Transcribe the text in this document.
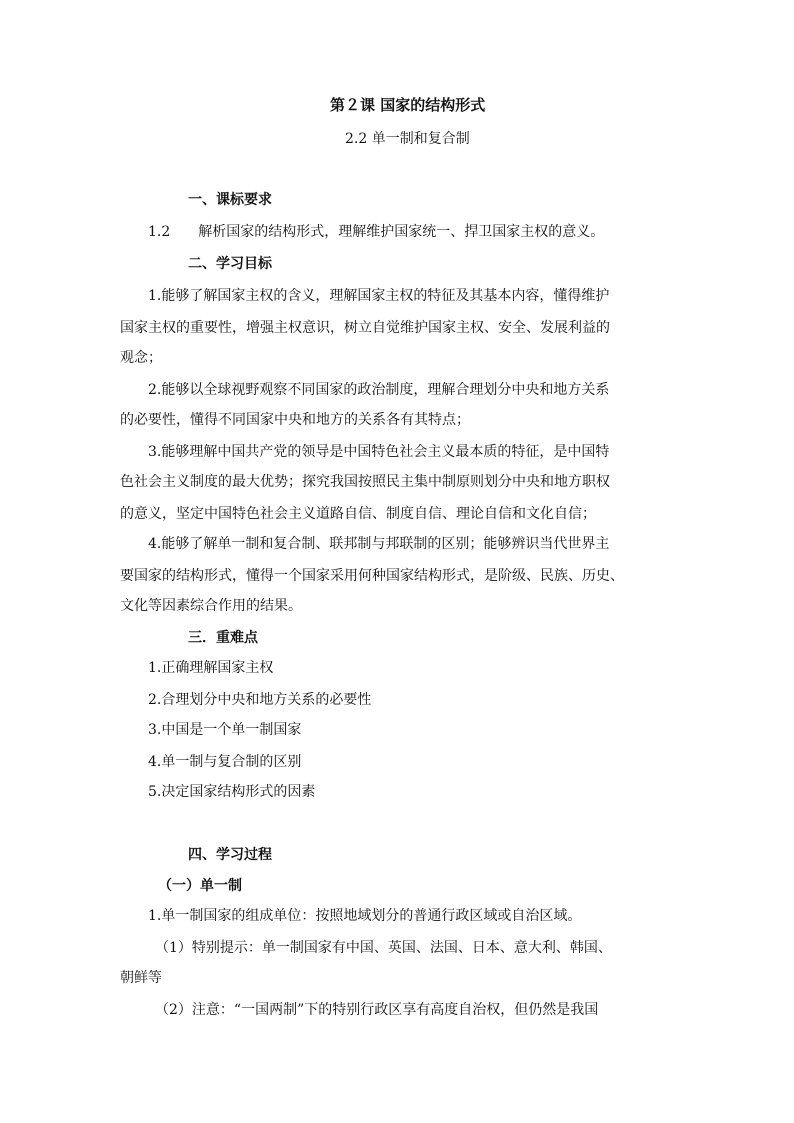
第２课 国家的结构形式
2.2 单一制和复合制
一、课标要求
1.2　　解析国家的结构形式，理解维护国家统一、捍卫国家主权的意义。
二、学习目标
1.能够了解国家主权的含义，理解国家主权的特征及其基本内容，懂得维护
国家主权的重要性，增强主权意识，树立自觉维护国家主权、安全、发展利益的
观念；
2.能够以全球视野观察不同国家的政治制度，理解合理划分中央和地方关系
的必要性，懂得不同国家中央和地方的关系各有其特点；
3.能够理解中国共产党的领导是中国特色社会主义最本质的特征，是中国特
色社会主义制度的最大优势；探究我国按照民主集中制原则划分中央和地方职权
的意义，坚定中国特色社会主义道路自信、制度自信、理论自信和文化自信；
4.能够了解单一制和复合制、联邦制与邦联制的区别；能够辨识当代世界主
要国家的结构形式，懂得一个国家采用何种国家结构形式，是阶级、民族、历史、
文化等因素综合作用的结果。
三．重难点
1.正确理解国家主权
2.合理划分中央和地方关系的必要性
3.中国是一个单一制国家
4.单一制与复合制的区别
5.决定国家结构形式的因素
四、学习过程
（一）单一制
1.单一制国家的组成单位：按照地域划分的普通行政区域或自治区域。
（1）特别提示：单一制国家有中国、英国、法国、日本、意大利、韩国、
朝鲜等
（2）注意：“一国两制”下的特别行政区享有高度自治权，但仍然是我国
